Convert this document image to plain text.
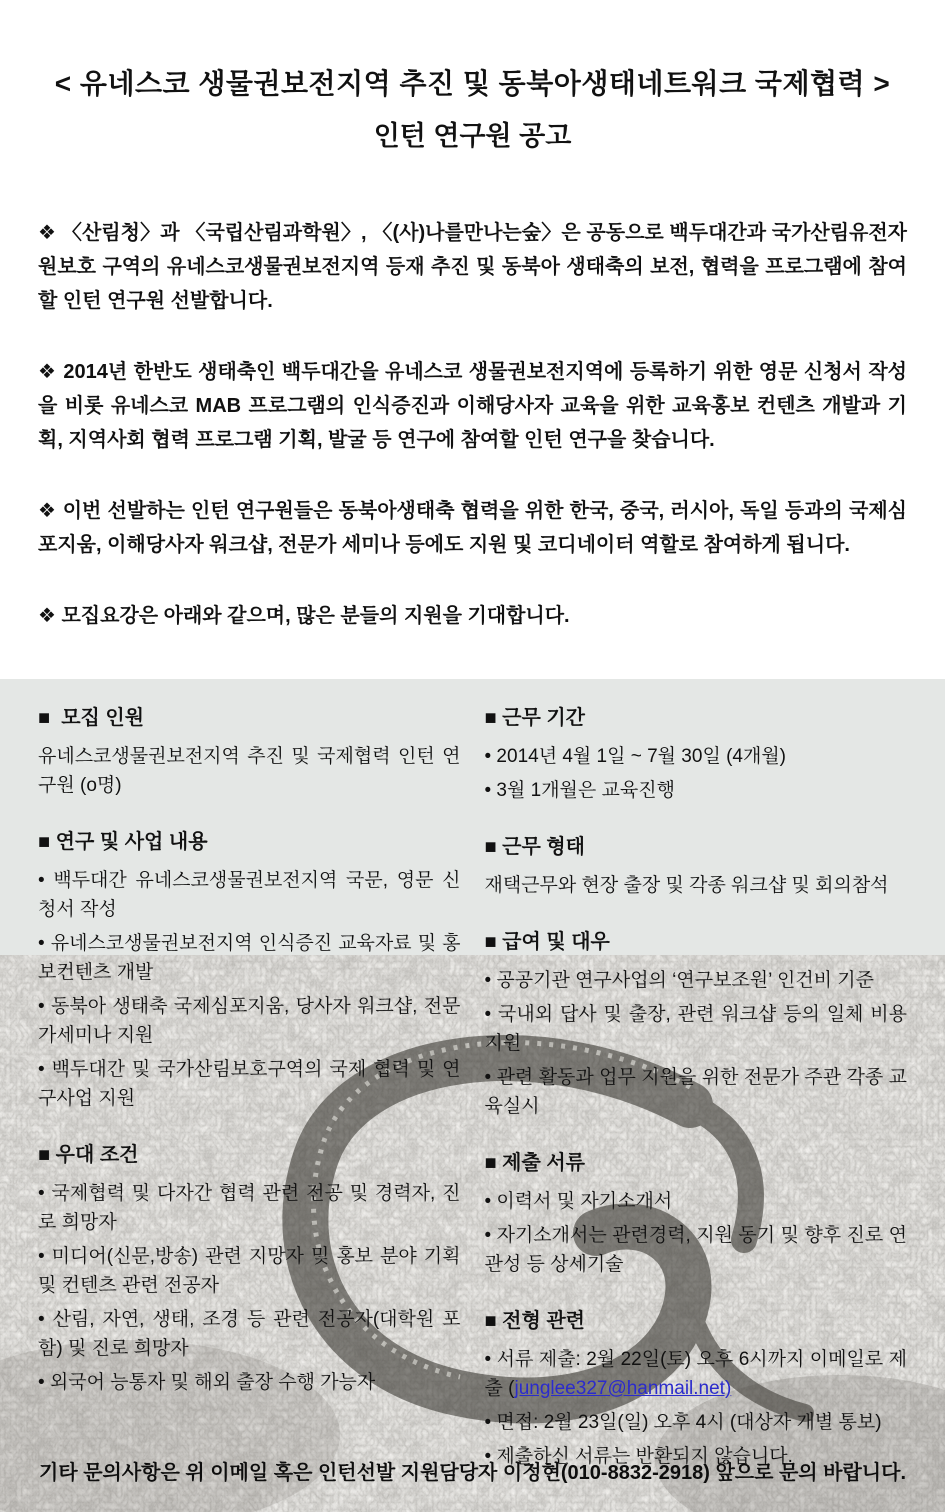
< 유네스코 생물권보전지역 추진 및 동북아생태네트워크 국제협력 >
인턴 연구원 공고

❖ 〈산림청〉과 〈국립산림과학원〉, 〈(사)나를만나는숲〉은 공동으로 백두대간과 국가산림유전자원보호 구역의 유네스코생물권보전지역 등재 추진 및 동북아 생태축의 보전, 협력을 프로그램에 참여할 인턴 연구원 선발합니다.

❖ 2014년 한반도 생태축인 백두대간을 유네스코 생물권보전지역에 등록하기 위한 영문 신청서 작성을 비롯 유네스코 MAB 프로그램의 인식증진과 이해당사자 교육을 위한 교육홍보 컨텐츠 개발과 기획, 지역사회 협력 프로그램 기획, 발굴 등 연구에 참여할 인턴 연구을 찾습니다.

❖ 이번 선발하는 인턴 연구원들은 동북아생태축 협력을 위한 한국, 중국, 러시아, 독일 등과의 국제심포지움, 이해당사자 워크샵, 전문가 세미나 등에도 지원 및 코디네이터 역할로 참여하게 됩니다.

❖ 모집요강은 아래와 같으며, 많은 분들의 지원을 기대합니다.

■  모집 인원
유네스코생물권보전지역 추진 및 국제협력 인턴 연구원 (o명)
■ 연구 및 사업 내용
• 백두대간 유네스코생물권보전지역 국문, 영문 신청서 작성
• 유네스코생물권보전지역 인식증진 교육자료 및 홍보컨텐츠 개발
• 동북아 생태축 국제심포지움, 당사자 워크샵, 전문가세미나 지원
• 백두대간 및 국가산림보호구역의 국제 협력 및 연구사업 지원
■ 우대 조건
• 국제협력 및 다자간 협력 관련 전공 및 경력자, 진로 희망자
• 미디어(신문,방송) 관련 지망자 및 홍보 분야 기획 및 컨텐츠 관련 전공자
• 산림, 자연, 생태, 조경 등 관련 전공자(대학원 포함) 및 진로 희망자
• 외국어 능통자 및 해외 출장 수행 가능자
■ 근무 기간
• 2014년 4월 1일 ~ 7월 30일 (4개월)
• 3월 1개월은 교육진행
■ 근무 형태
재택근무와 현장 출장 및 각종 워크샵 및 회의참석
■ 급여 및 대우
• 공공기관 연구사업의 ‘연구보조원’ 인건비 기준
• 국내외 답사 및 출장, 관련 워크샵 등의 일체 비용 지원
• 관련 활동과 업무 지원을 위한 전문가 주관 각종 교육실시
■ 제출 서류
• 이력서 및 자기소개서
• 자기소개서는 관련경력, 지원 동기 및 향후 진로 연관성 등 상세기술
■ 전형 관련
• 서류 제출: 2월 22일(토) 오후 6시까지 이메일로 제출 (junglee327@hanmail.net)
• 면접: 2월 23일(일) 오후 4시 (대상자 개별 통보)
• 제출하신 서류는 반환되지 않습니다.
기타 문의사항은 위 이메일 혹은 인턴선발 지원담당자 이정현(010-8832-2918) 앞으로 문의 바랍니다.
